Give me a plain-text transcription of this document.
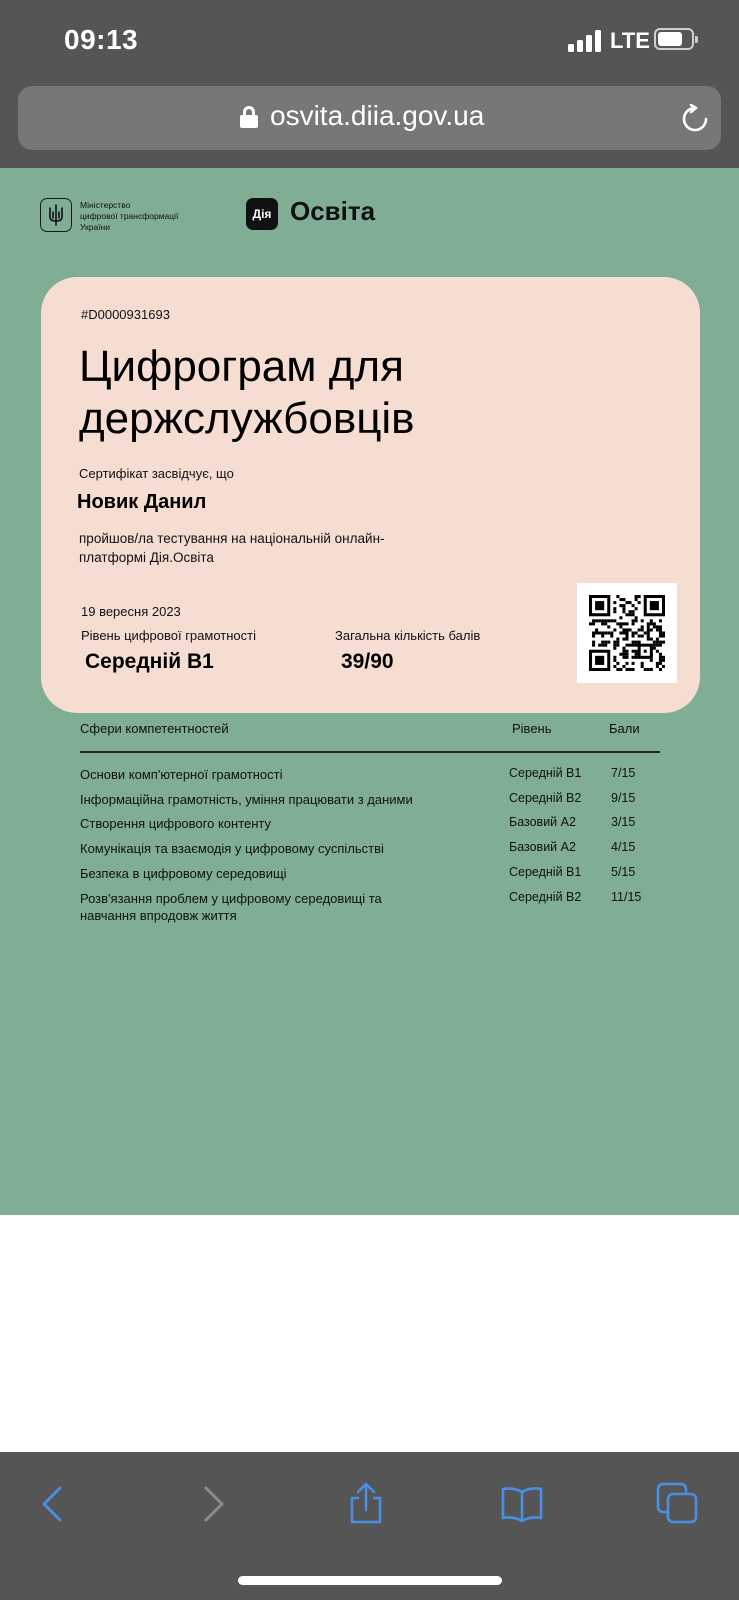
09:13	LTE
osvita.diia.gov.ua
Міністерство
цифрової трансформації
України
Дія Освіта
#D0000931693
Цифрограм для
держслужбовців
Сертифікат засвідчує, що
Новик Данил
пройшов/ла тестування на національній онлайн-
платформі Дія.Освіта
19 вересня 2023
Рівень цифрової грамотності	Загальна кількість балів
Середній B1	39/90
Сфери компетентностей	Рівень	Бали
Основи комп'ютерної грамотності	Середній B1 7/15
Інформаційна грамотність, уміння працювати з даними	Середній B2 9/15
Створення цифрового контенту	Базовий A2	3/15
Комунікація та взаємодія у цифровому суспільстві	Базовий A2	4/15
Безпека в цифровому середовищі	Середній B1 5/15
Розв'язання проблем у цифровому середовищі та
навчання впродовж життя
Середній B2 11/15
